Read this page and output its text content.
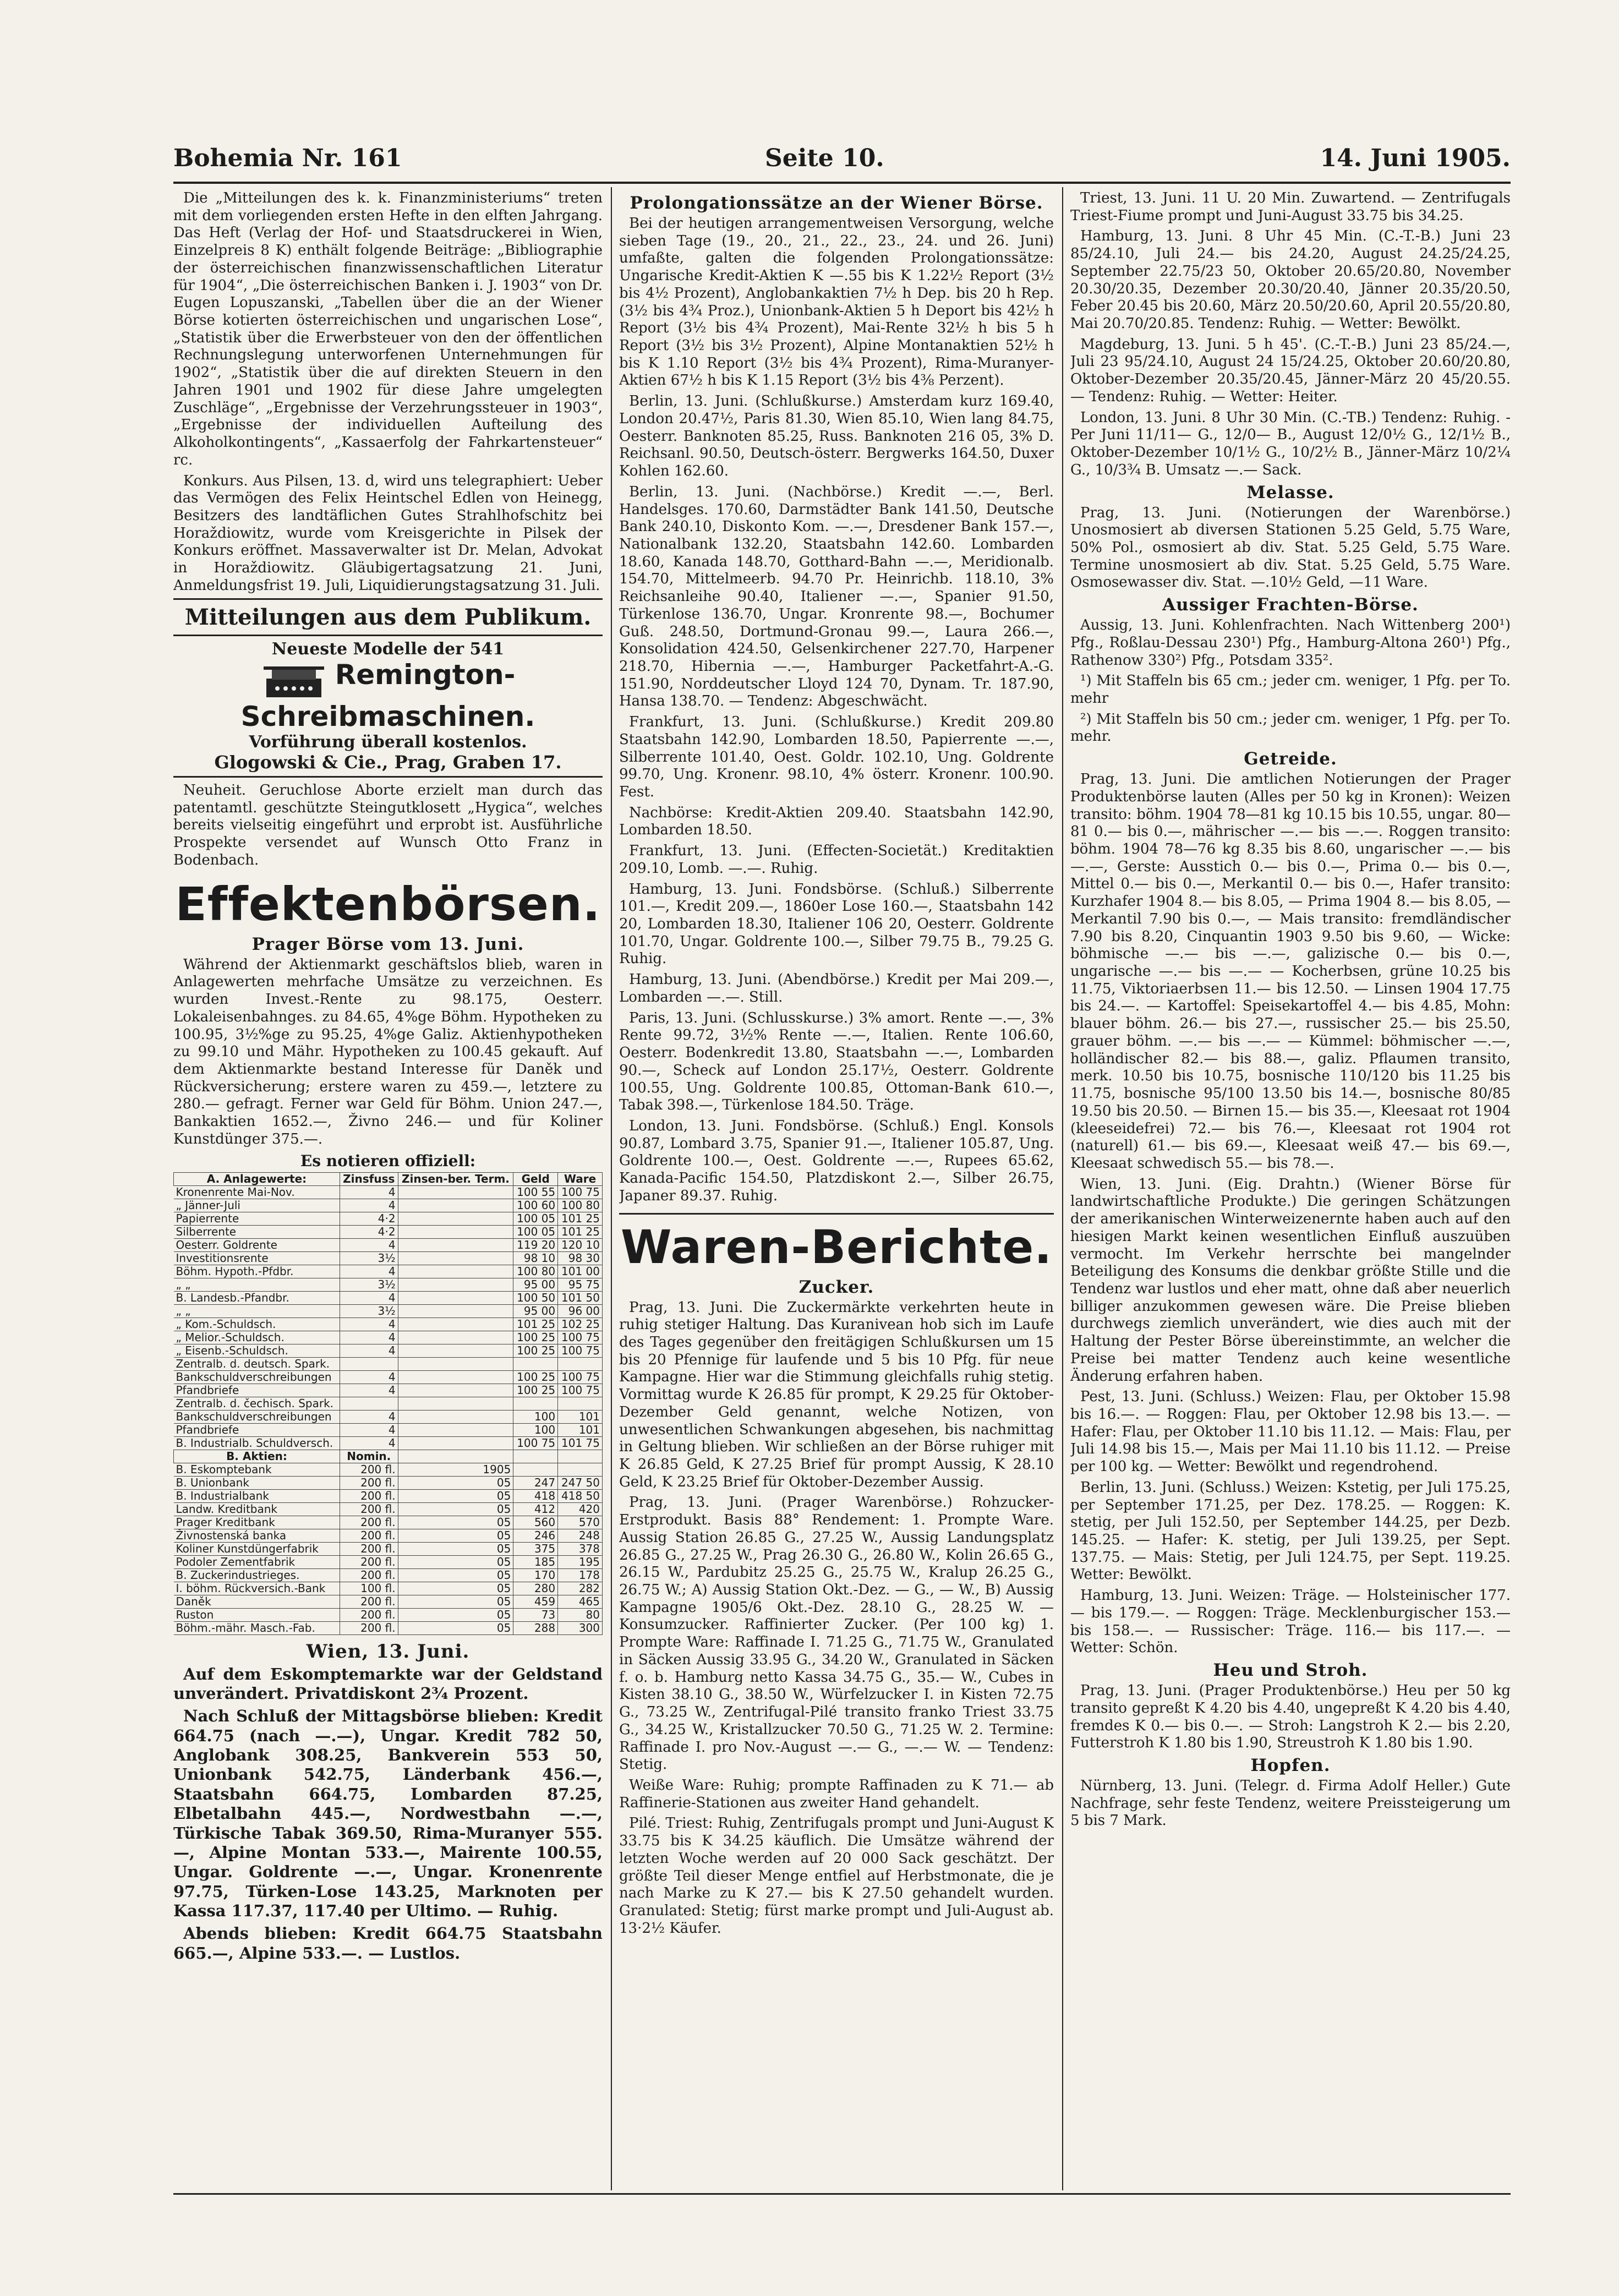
Bohemia Nr. 161	Seite 10.	14. Juni 1905.

Die „Mitteilungen des k. k. Finanzministeriums“ treten mit dem vorliegenden ersten Hefte in den elften Jahrgang. Das Heft (Verlag der Hof- und Staatsdruckerei in Wien, Einzelpreis 8 K) enthält folgende Beiträge: „Bibliographie der österreichischen finanzwissenschaftlichen Literatur für 1904“, „Die österreichischen Banken i. J. 1903“ von Dr. Eugen Lopuszanski, „Tabellen über die an der Wiener Börse kotierten österreichischen und ungarischen Lose“, „Statistik über die Erwerbsteuer von den der öffentlichen Rechnungslegung unterworfenen Unternehmungen für 1902“, „Statistik über die auf direkten Steuern in den Jahren 1901 und 1902 für diese Jahre umgelegten Zuschläge“, „Ergebnisse der Verzehrungssteuer in 1903“, „Ergebnisse der individuellen Aufteilung des Alkoholkontingents“, „Kassaerfolg der Fahrkartensteuer“ rc.

Konkurs. Aus Pilsen, 13. d, wird uns telegraphiert: Ueber das Vermögen des Felix Heintschel Edlen von Heinegg, Besitzers des landtäflichen Gutes Strahlhofschitz bei Horaždiowitz, wurde vom Kreisgerichte in Pilsek der Konkurs eröffnet. Massaverwalter ist Dr. Melan, Advokat in Horaždiowitz. Gläubigertagsatzung 21. Juni, Anmeldungsfrist 19. Juli, Liquidierungstagsatzung 31. Juli.

Mitteilungen aus dem Publikum.
Neueste Modelle der 541
Remington-Schreibmaschinen.
Vorführung überall kostenlos.
Glogowski & Cie., Prag, Graben 17.

Neuheit. Geruchlose Aborte erzielt man durch das patentamtl. geschützte Steingutklosett „Hygica“, welches bereits vielseitig eingeführt und erprobt ist. Ausführliche Prospekte versendet auf Wunsch Otto Franz in Bodenbach.

Effektenbörsen.
Prager Börse vom 13. Juni.

Während der Aktienmarkt geschäftslos blieb, waren in Anlagewerten mehrfache Umsätze zu verzeichnen. Es wurden Invest.-Rente zu 98.175, Oesterr. Lokaleisenbahnges. zu 84.65, 4%ge Böhm. Hypotheken zu 100.95, 3½%ge zu 95.25, 4%ge Galiz. Aktienhypotheken zu 99.10 und Mähr. Hypotheken zu 100.45 gekauft. Auf dem Aktienmarkte bestand Interesse für Daněk und Rückversicherung; erstere waren zu 459.—, letztere zu 280.— gefragt. Ferner war Geld für Böhm. Union 247.—, Bankaktien 1652.—, Živno 246.— und für Koliner Kunstdünger 375.—.

Es notieren offiziell:
A. Anlagewerte:	Zinsfuss	Zinsen-ber. Term.	Geld	Ware
Kronenrente Mai-Nov.	4		100 55	100 75
„ Jänner-Juli	4		100 60	100 80
Papierrente	4·2		100 05	101 25
Silberrente	4·2		100 05	101 25
Oesterr. Goldrente	4		119 20	120 10
Investitionsrente	3½		98 10	98 30
Böhm. Hypoth.-Pfdbr.	4		100 80	101 00
„ „	3½		95 00	95 75
B. Landesb.-Pfandbr.	4		100 50	101 50
„ „	3½		95 00	96 00
„ Kom.-Schuldsch.	4		101 25	102 25
„ Melior.-Schuldsch.	4		100 25	100 75
„ Eisenb.-Schuldsch.	4		100 25	100 75
Zentralb. d. deutsch. Spark.				
Bankschuldverschreibungen	4		100 25	100 75
Pfandbriefe	4		100 25	100 75
Zentralb. d. čechisch. Spark.				
Bankschuldverschreibungen	4		100	101
Pfandbriefe	4		100	101
B. Industrialb. Schuldversch.	4		100 75	101 75
B. Aktien:	Nomin.			
B. Eskomptebank	200 fl.	1905		
B. Unionbank	200 fl.	05	247	247 50
B. Industrialbank	200 fl.	05	418	418 50
Landw. Kreditbank	200 fl.	05	412	420
Prager Kreditbank	200 fl.	05	560	570
Živnostenská banka	200 fl.	05	246	248
Koliner Kunstdüngerfabrik	200 fl.	05	375	378
Podoler Zementfabrik	200 fl.	05	185	195
B. Zuckerindustrieges.	200 fl.	05	170	178
I. böhm. Rückversich.-Bank	100 fl.	05	280	282
Daněk	200 fl.	05	459	465
Ruston	200 fl.	05	73	80
Böhm.-mähr. Masch.-Fab.	200 fl.	05	288	300
Wien, 13. Juni.

Auf dem Eskomptemarkte war der Geldstand unverändert. Privatdiskont 2¾ Prozent.

Nach Schluß der Mittagsbörse blieben: Kredit 664.75 (nach —.—), Ungar. Kredit 782 50, Anglobank 308.25, Bankverein 553 50, Unionbank 542.75, Länderbank 456.—, Staatsbahn 664.75, Lombarden 87.25, Elbetalbahn 445.—, Nordwestbahn —.—, Türkische Tabak 369.50, Rima-Muranyer 555.—, Alpine Montan 533.—, Mairente 100.55, Ungar. Goldrente —.—, Ungar. Kronenrente 97.75, Türken-Lose 143.25, Marknoten per Kassa 117.37, 117.40 per Ultimo. — Ruhig.

Abends blieben: Kredit 664.75 Staatsbahn 665.—, Alpine 533.—. — Lustlos.

Prolongationssätze an der Wiener Börse.

Bei der heutigen arrangementweisen Versorgung, welche sieben Tage (19., 20., 21., 22., 23., 24. und 26. Juni) umfaßte, galten die folgenden Prolongationssätze: Ungarische Kredit-Aktien K —.55 bis K 1.22½ Report (3½ bis 4½ Prozent), Anglobankaktien 7½ h Dep. bis 20 h Rep. (3½ bis 4¾ Proz.), Unionbank-Aktien 5 h Deport bis 42½ h Report (3½ bis 4¾ Prozent), Mai-Rente 32½ h bis 5 h Report (3½ bis 3½ Prozent), Alpine Montanaktien 52½ h bis K 1.10 Report (3½ bis 4¾ Prozent), Rima-Muranyer-Aktien 67½ h bis K 1.15 Report (3½ bis 4⅜ Perzent).

Berlin, 13. Juni. (Schlußkurse.) Amsterdam kurz 169.40, London 20.47½, Paris 81.30, Wien 85.10, Wien lang 84.75, Oesterr. Banknoten 85.25, Russ. Banknoten 216 05, 3% D. Reichsanl. 90.50, Deutsch-österr. Bergwerks 164.50, Duxer Kohlen 162.60.

Berlin, 13. Juni. (Nachbörse.) Kredit —.—, Berl. Handelsges. 170.60, Darmstädter Bank 141.50, Deutsche Bank 240.10, Diskonto Kom. —.—, Dresdener Bank 157.—, Nationalbank 132.20, Staatsbahn 142.60. Lombarden 18.60, Kanada 148.70, Gotthard-Bahn —.—, Meridionalb. 154.70, Mittelmeerb. 94.70 Pr. Heinrichb. 118.10, 3% Reichsanleihe 90.40, Italiener —.—, Spanier 91.50, Türkenlose 136.70, Ungar. Kronrente 98.—, Bochumer Guß. 248.50, Dortmund-Gronau 99.—, Laura 266.—, Konsolidation 424.50, Gelsenkirchener 227.70, Harpener 218.70, Hibernia —.—, Hamburger Packetfahrt-A.-G. 151.90, Norddeutscher Lloyd 124 70, Dynam. Tr. 187.90, Hansa 138.70. — Tendenz: Abgeschwächt.

Frankfurt, 13. Juni. (Schlußkurse.) Kredit 209.80 Staatsbahn 142.90, Lombarden 18.50, Papierrente —.—, Silberrente 101.40, Oest. Goldr. 102.10, Ung. Goldrente 99.70, Ung. Kronenr. 98.10, 4% österr. Kronenr. 100.90. Fest.

Nachbörse: Kredit-Aktien 209.40. Staatsbahn 142.90, Lombarden 18.50.

Frankfurt, 13. Juni. (Effecten-Societät.) Kreditaktien 209.10, Lomb. —.—. Ruhig.

Hamburg, 13. Juni. Fondsbörse. (Schluß.) Silberrente 101.—, Kredit 209.—, 1860er Lose 160.—, Staatsbahn 142 20, Lombarden 18.30, Italiener 106 20, Oesterr. Goldrente 101.70, Ungar. Goldrente 100.—, Silber 79.75 B., 79.25 G. Ruhig.

Hamburg, 13. Juni. (Abendbörse.) Kredit per Mai 209.—, Lombarden —.—. Still.

Paris, 13. Juni. (Schlusskurse.) 3% amort. Rente —.—, 3% Rente 99.72, 3½% Rente —.—, Italien. Rente 106.60, Oesterr. Bodenkredit 13.80, Staatsbahn —.—, Lombarden 90.—, Scheck auf London 25.17½, Oesterr. Goldrente 100.55, Ung. Goldrente 100.85, Ottoman-Bank 610.—, Tabak 398.—, Türkenlose 184.50. Träge.

London, 13. Juni. Fondsbörse. (Schluß.) Engl. Konsols 90.87, Lombard 3.75, Spanier 91.—, Italiener 105.87, Ung. Goldrente 100.—, Oest. Goldrente —.—, Rupees 65.62, Kanada-Pacific 154.50, Platzdiskont 2.—, Silber 26.75, Japaner 89.37. Ruhig.

Waren-Berichte.
Zucker.

Prag, 13. Juni. Die Zuckermärkte verkehrten heute in ruhig stetiger Haltung. Das Kuranivean hob sich im Laufe des Tages gegenüber den freitägigen Schlußkursen um 15 bis 20 Pfennige für laufende und 5 bis 10 Pfg. für neue Kampagne. Hier war die Stimmung gleichfalls ruhig stetig. Vormittag wurde K 26.85 für prompt, K 29.25 für Oktober-Dezember Geld genannt, welche Notizen, von unwesentlichen Schwankungen abgesehen, bis nachmittag in Geltung blieben. Wir schließen an der Börse ruhiger mit K 26.85 Geld, K 27.25 Brief für prompt Aussig, K 28.10 Geld, K 23.25 Brief für Oktober-Dezember Aussig.

Prag, 13. Juni. (Prager Warenbörse.) Rohzucker-Erstprodukt. Basis 88° Rendement: 1. Prompte Ware. Aussig Station 26.85 G., 27.25 W., Aussig Landungsplatz 26.85 G., 27.25 W., Prag 26.30 G., 26.80 W., Kolin 26.65 G., 26.15 W., Pardubitz 25.25 G., 25.75 W., Kralup 26.25 G., 26.75 W.; A) Aussig Station Okt.-Dez. — G., — W., B) Aussig Kampagne 1905/6 Okt.-Dez. 28.10 G., 28.25 W. — Konsumzucker. Raffinierter Zucker. (Per 100 kg) 1. Prompte Ware: Raffinade I. 71.25 G., 71.75 W., Granulated in Säcken Aussig 33.95 G., 34.20 W., Granulated in Säcken f. o. b. Hamburg netto Kassa 34.75 G., 35.— W., Cubes in Kisten 38.10 G., 38.50 W., Würfelzucker I. in Kisten 72.75 G., 73.25 W., Zentrifugal-Pilé transito franko Triest 33.75 G., 34.25 W., Kristallzucker 70.50 G., 71.25 W. 2. Termine: Raffinade I. pro Nov.-August —.— G., —.— W. — Tendenz: Stetig.

Weiße Ware: Ruhig; prompte Raffinaden zu K 71.— ab Raffinerie-Stationen aus zweiter Hand gehandelt.

Pilé. Triest: Ruhig, Zentrifugals prompt und Juni-August K 33.75 bis K 34.25 käuflich. Die Umsätze während der letzten Woche werden auf 20 000 Sack geschätzt. Der größte Teil dieser Menge entfiel auf Herbstmonate, die je nach Marke zu K 27.— bis K 27.50 gehandelt wurden. Granulated: Stetig; fürst marke prompt und Juli-August ab. 13·2½ Käufer.

Triest, 13. Juni. 11 U. 20 Min. Zuwartend. — Zentrifugals Triest-Fiume prompt und Juni-August 33.75 bis 34.25.

Hamburg, 13. Juni. 8 Uhr 45 Min. (C.-T.-B.) Juni 23 85/24.10, Juli 24.— bis 24.20, August 24.25/24.25, September 22.75/23 50, Oktober 20.65/20.80, November 20.30/20.35, Dezember 20.30/20.40, Jänner 20.35/20.50, Feber 20.45 bis 20.60, März 20.50/20.60, April 20.55/20.80, Mai 20.70/20.85. Tendenz: Ruhig. — Wetter: Bewölkt.

Magdeburg, 13. Juni. 5 h 45'. (C.-T.-B.) Juni 23 85/24.—, Juli 23 95/24.10, August 24 15/24.25, Oktober 20.60/20.80, Oktober-Dezember 20.35/20.45, Jänner-März 20 45/20.55. — Tendenz: Ruhig. — Wetter: Heiter.

London, 13. Juni. 8 Uhr 30 Min. (C.-TB.) Tendenz: Ruhig. - Per Juni 11/11— G., 12/0— B., August 12/0½ G., 12/1½ B., Oktober-Dezember 10/1½ G., 10/2½ B., Jänner-März 10/2¼ G., 10/3¾ B. Umsatz —.— Sack.

Melasse.

Prag, 13. Juni. (Notierungen der Warenbörse.) Unosmosiert ab diversen Stationen 5.25 Geld, 5.75 Ware, 50% Pol., osmosiert ab div. Stat. 5.25 Geld, 5.75 Ware. Termine unosmosiert ab div. Stat. 5.25 Geld, 5.75 Ware. Osmosewasser div. Stat. —.10½ Geld, —11 Ware.

Aussiger Frachten-Börse.

Aussig, 13. Juni. Kohlenfrachten. Nach Wittenberg 200¹) Pfg., Roßlau-Dessau 230¹) Pfg., Hamburg-Altona 260¹) Pfg., Rathenow 330²) Pfg., Potsdam 335².

¹) Mit Staffeln bis 65 cm.; jeder cm. weniger, 1 Pfg. per To. mehr

²) Mit Staffeln bis 50 cm.; jeder cm. weniger, 1 Pfg. per To. mehr.

Getreide.

Prag, 13. Juni. Die amtlichen Notierungen der Prager Produktenbörse lauten (Alles per 50 kg in Kronen): Weizen transito: böhm. 1904 78—81 kg 10.15 bis 10.55, ungar. 80—81 0.— bis 0.—, mährischer —.— bis —.—. Roggen transito: böhm. 1904 78—76 kg 8.35 bis 8.60, ungarischer —.— bis —.—, Gerste: Ausstich 0.— bis 0.—, Prima 0.— bis 0.—, Mittel 0.— bis 0.—, Merkantil 0.— bis 0.—, Hafer transito: Kurzhafer 1904 8.— bis 8.05, — Prima 1904 8.— bis 8.05, — Merkantil 7.90 bis 0.—, — Mais transito: fremdländischer 7.90 bis 8.20, Cinquantin 1903 9.50 bis 9.60, — Wicke: böhmische —.— bis —.—, galizische 0.— bis 0.—, ungarische —.— bis —.— — Kocherbsen, grüne 10.25 bis 11.75, Viktoriaerbsen 11.— bis 12.50. — Linsen 1904 17.75 bis 24.—. — Kartoffel: Speisekartoffel 4.— bis 4.85, Mohn: blauer böhm. 26.— bis 27.—, russischer 25.— bis 25.50, grauer böhm. —.— bis —.— — Kümmel: böhmischer —.—, holländischer 82.— bis 88.—, galiz. Pflaumen transito, merk. 10.50 bis 10.75, bosnische 110/120 bis 11.25 bis 11.75, bosnische 95/100 13.50 bis 14.—, bosnische 80/85 19.50 bis 20.50. — Birnen 15.— bis 35.—, Kleesaat rot 1904 (kleeseidefrei) 72.— bis 76.—, Kleesaat rot 1904 rot (naturell) 61.— bis 69.—, Kleesaat weiß 47.— bis 69.—, Kleesaat schwedisch 55.— bis 78.—.

Wien, 13. Juni. (Eig. Drahtn.) (Wiener Börse für landwirtschaftliche Produkte.) Die geringen Schätzungen der amerikanischen Winterweizenernte haben auch auf den hiesigen Markt keinen wesentlichen Einfluß auszuüben vermocht. Im Verkehr herrschte bei mangelnder Beteiligung des Konsums die denkbar größte Stille und die Tendenz war lustlos und eher matt, ohne daß aber neuerlich billiger anzukommen gewesen wäre. Die Preise blieben durchwegs ziemlich unverändert, wie dies auch mit der Haltung der Pester Börse übereinstimmte, an welcher die Preise bei matter Tendenz auch keine wesentliche Änderung erfahren haben.

Pest, 13. Juni. (Schluss.) Weizen: Flau, per Oktober 15.98 bis 16.—. — Roggen: Flau, per Oktober 12.98 bis 13.—. — Hafer: Flau, per Oktober 11.10 bis 11.12. — Mais: Flau, per Juli 14.98 bis 15.—, Mais per Mai 11.10 bis 11.12. — Preise per 100 kg. — Wetter: Bewölkt und regendrohend.

Berlin, 13. Juni. (Schluss.) Weizen: Kstetig, per Juli 175.25, per September 171.25, per Dez. 178.25. — Roggen: K. stetig, per Juli 152.50, per September 144.25, per Dezb. 145.25. — Hafer: K. stetig, per Juli 139.25, per Sept. 137.75. — Mais: Stetig, per Juli 124.75, per Sept. 119.25. Wetter: Bewölkt.

Hamburg, 13. Juni. Weizen: Träge. — Holsteinischer 177.— bis 179.—. — Roggen: Träge. Mecklenburgischer 153.— bis 158.—. — Russischer: Träge. 116.— bis 117.—. — Wetter: Schön.

Heu und Stroh.

Prag, 13. Juni. (Prager Produktenbörse.) Heu per 50 kg transito gepreßt K 4.20 bis 4.40, ungepreßt K 4.20 bis 4.40, fremdes K 0.— bis 0.—. — Stroh: Langstroh K 2.— bis 2.20, Futterstroh K 1.80 bis 1.90, Streustroh K 1.80 bis 1.90.

Hopfen.

Nürnberg, 13. Juni. (Telegr. d. Firma Adolf Heller.) Gute Nachfrage, sehr feste Tendenz, weitere Preissteigerung um 5 bis 7 Mark.
